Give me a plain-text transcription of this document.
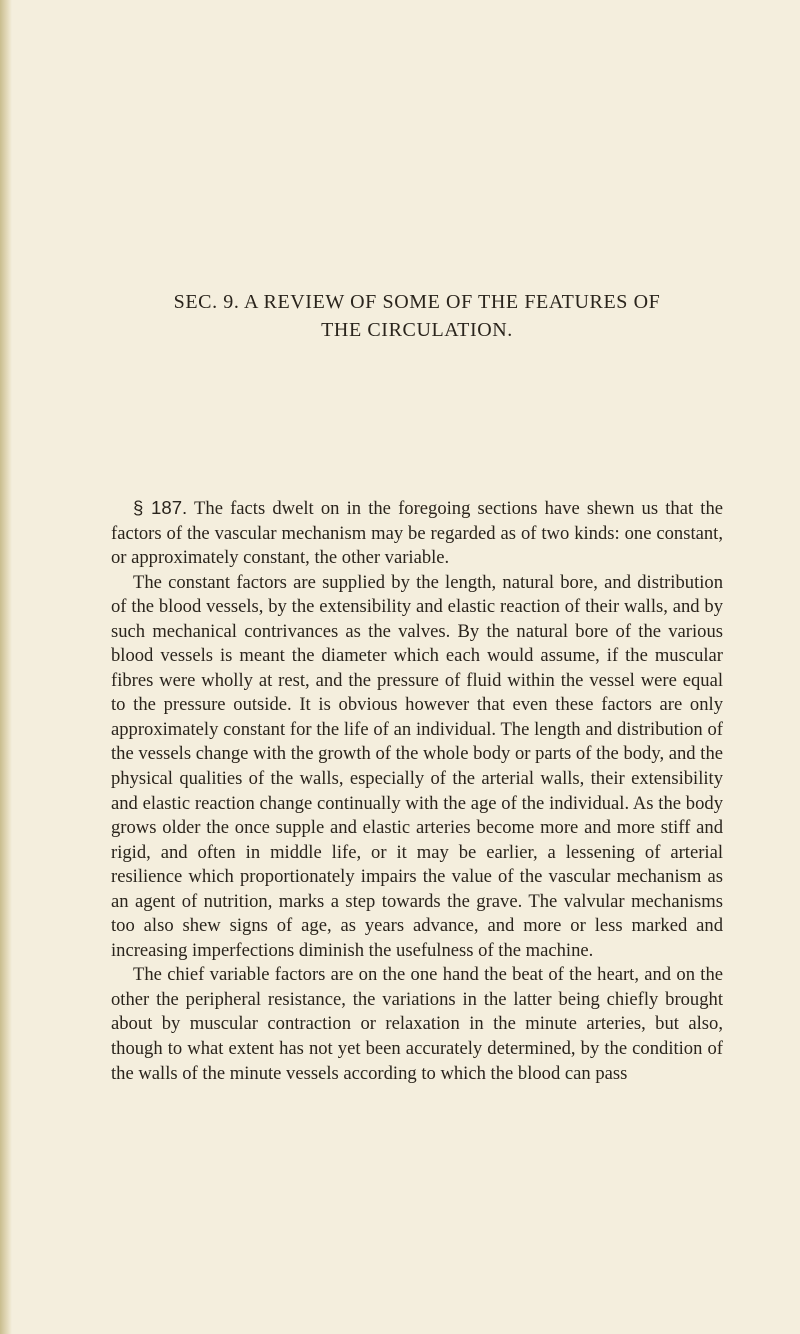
SEC. 9. A REVIEW OF SOME OF THE FEATURES OF
THE CIRCULATION.

§ 187. The facts dwelt on in the foregoing sections have shewn us that the factors of the vascular mechanism may be regarded as of two kinds: one constant, or approximately constant, the other variable.

The constant factors are supplied by the length, natural bore, and distribution of the blood vessels, by the extensibility and elastic reaction of their walls, and by such mechanical contrivances as the valves. By the natural bore of the various blood vessels is meant the diameter which each would assume, if the muscular fibres were wholly at rest, and the pressure of fluid within the vessel were equal to the pressure outside. It is obvious however that even these factors are only approximately constant for the life of an individual. The length and distribution of the vessels change with the growth of the whole body or parts of the body, and the physical qualities of the walls, especially of the arterial walls, their extensibility and elastic reaction change continually with the age of the individual. As the body grows older the once supple and elastic arteries become more and more stiff and rigid, and often in middle life, or it may be earlier, a lessening of arterial resilience which proportionately impairs the value of the vascular mechanism as an agent of nutrition, marks a step towards the grave. The valvular mechanisms too also shew signs of age, as years advance, and more or less marked and increasing imperfections diminish the usefulness of the machine.

The chief variable factors are on the one hand the beat of the heart, and on the other the peripheral resistance, the variations in the latter being chiefly brought about by muscular contraction or relaxation in the minute arteries, but also, though to what extent has not yet been accurately determined, by the condition of the walls of the minute vessels according to which the blood can pass
